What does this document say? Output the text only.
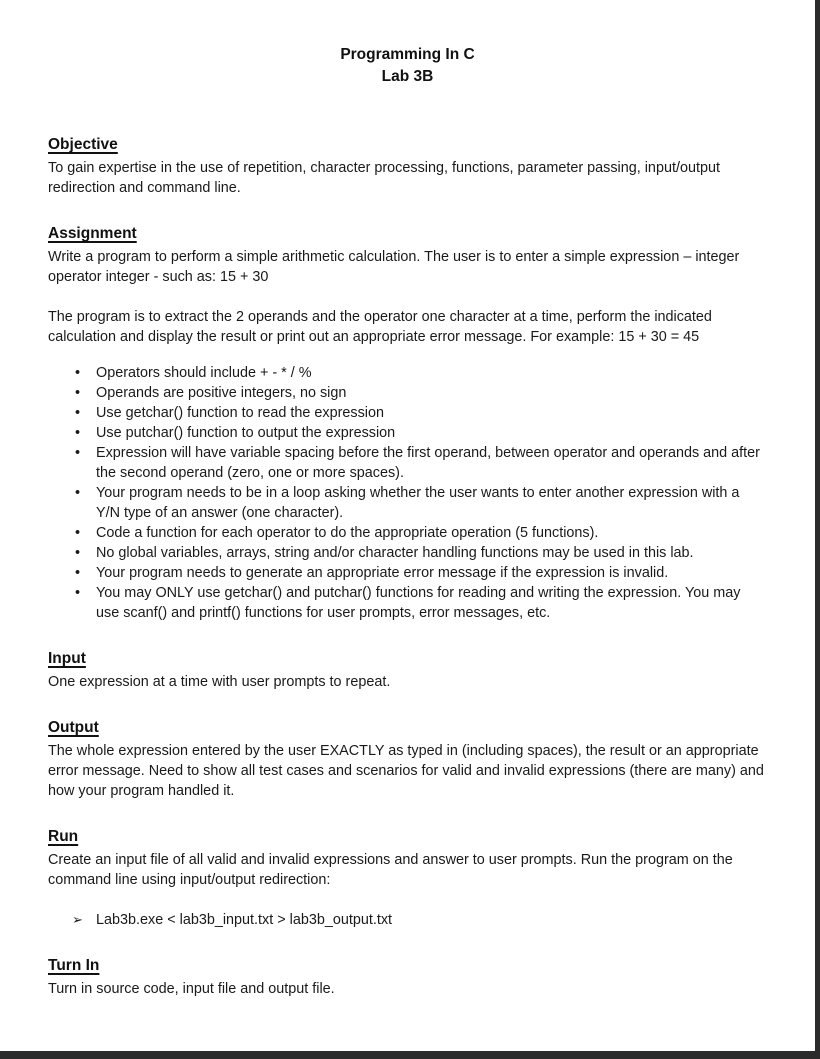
Programming In C
Lab 3B
Objective

To gain expertise in the use of repetition, character processing, functions, parameter passing, input/output redirection and command line.

Assignment

Write a program to perform a simple arithmetic calculation. The user is to enter a simple expression – integer operator integer - such as: 15 + 30

The program is to extract the 2 operands and the operator one character at a time, perform the indicated calculation and display the result or print out an appropriate error message. For example: 15 + 30 = 45

• Operators should include + - * / %
• Operands are positive integers, no sign
• Use getchar() function to read the expression
• Use putchar() function to output the expression
• Expression will have variable spacing before the first operand, between operator and operands and after the second operand (zero, one or more spaces).
• Your program needs to be in a loop asking whether the user wants to enter another expression with a Y/N type of an answer (one character).
• Code a function for each operator to do the appropriate operation (5 functions).
• No global variables, arrays, string and/or character handling functions may be used in this lab.
• Your program needs to generate an appropriate error message if the expression is invalid.
• You may ONLY use getchar() and putchar() functions for reading and writing the expression. You may use scanf() and printf() functions for user prompts, error messages, etc.
Input

One expression at a time with user prompts to repeat.

Output

The whole expression entered by the user EXACTLY as typed in (including spaces), the result or an appropriate error message. Need to show all test cases and scenarios for valid and invalid expressions (there are many) and how your program handled it.

Run

Create an input file of all valid and invalid expressions and answer to user prompts. Run the program on the command line using input/output redirection:

➢ Lab3b.exe < lab3b_input.txt > lab3b_output.txt
Turn In

Turn in source code, input file and output file.
